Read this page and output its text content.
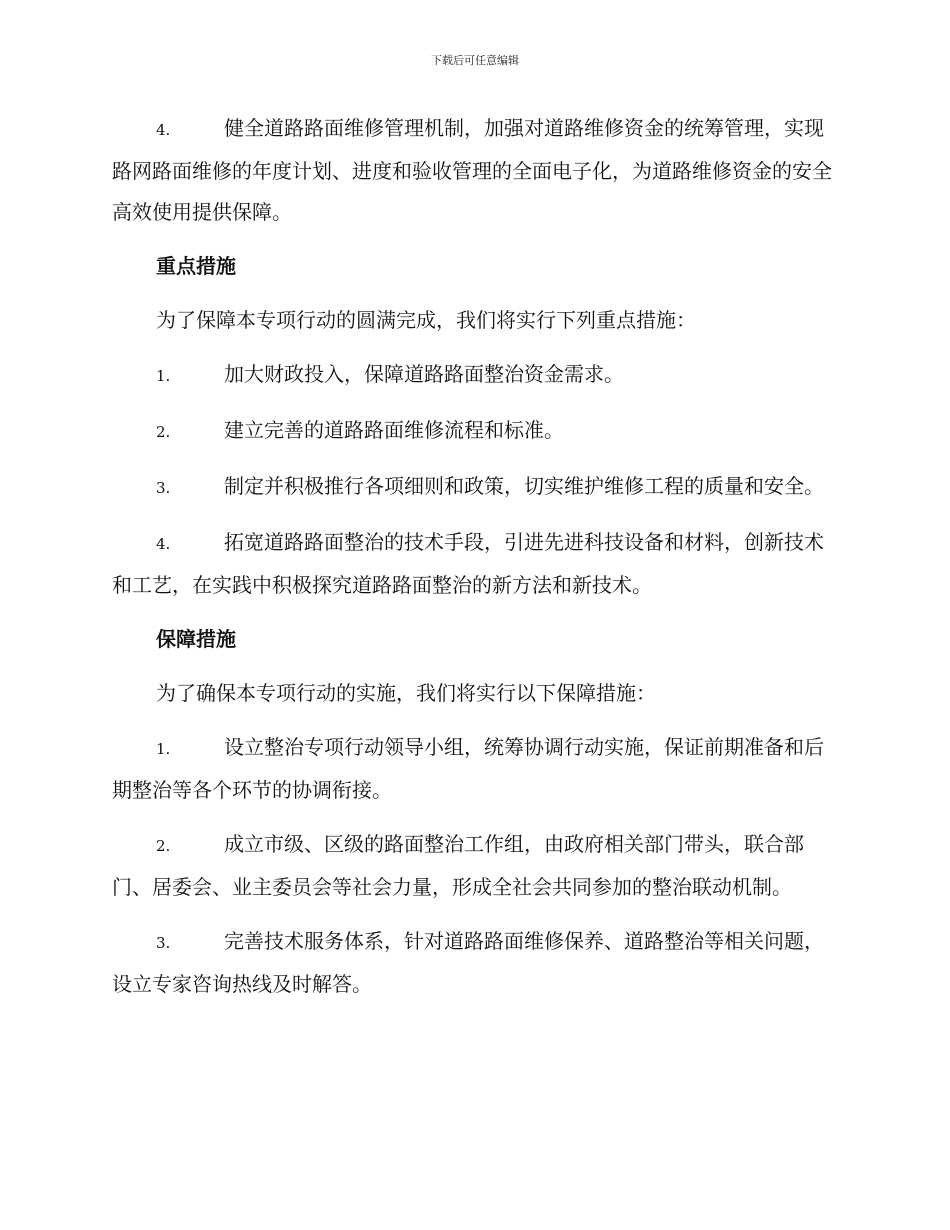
下载后可任意编辑
4.	健全道路路面维修管理机制，加强对道路维修资金的统筹管理，实现路网路面维修的年度计划、进度和验收管理的全面电子化，为道路维修资金的安全高效使用提供保障。
重点措施
为了保障本专项行动的圆满完成，我们将实行下列重点措施：
1.	加大财政投入，保障道路路面整治资金需求。
2.	建立完善的道路路面维修流程和标准。
3.	制定并积极推行各项细则和政策，切实维护维修工程的质量和安全。
4.	拓宽道路路面整治的技术手段，引进先进科技设备和材料，创新技术和工艺，在实践中积极探究道路路面整治的新方法和新技术。
保障措施
为了确保本专项行动的实施，我们将实行以下保障措施：
1.	设立整治专项行动领导小组，统筹协调行动实施，保证前期准备和后期整治等各个环节的协调衔接。
2.	成立市级、区级的路面整治工作组，由政府相关部门带头，联合部门、居委会、业主委员会等社会力量，形成全社会共同参加的整治联动机制。
3.	完善技术服务体系，针对道路路面维修保养、道路整治等相关问题，设立专家咨询热线及时解答。
